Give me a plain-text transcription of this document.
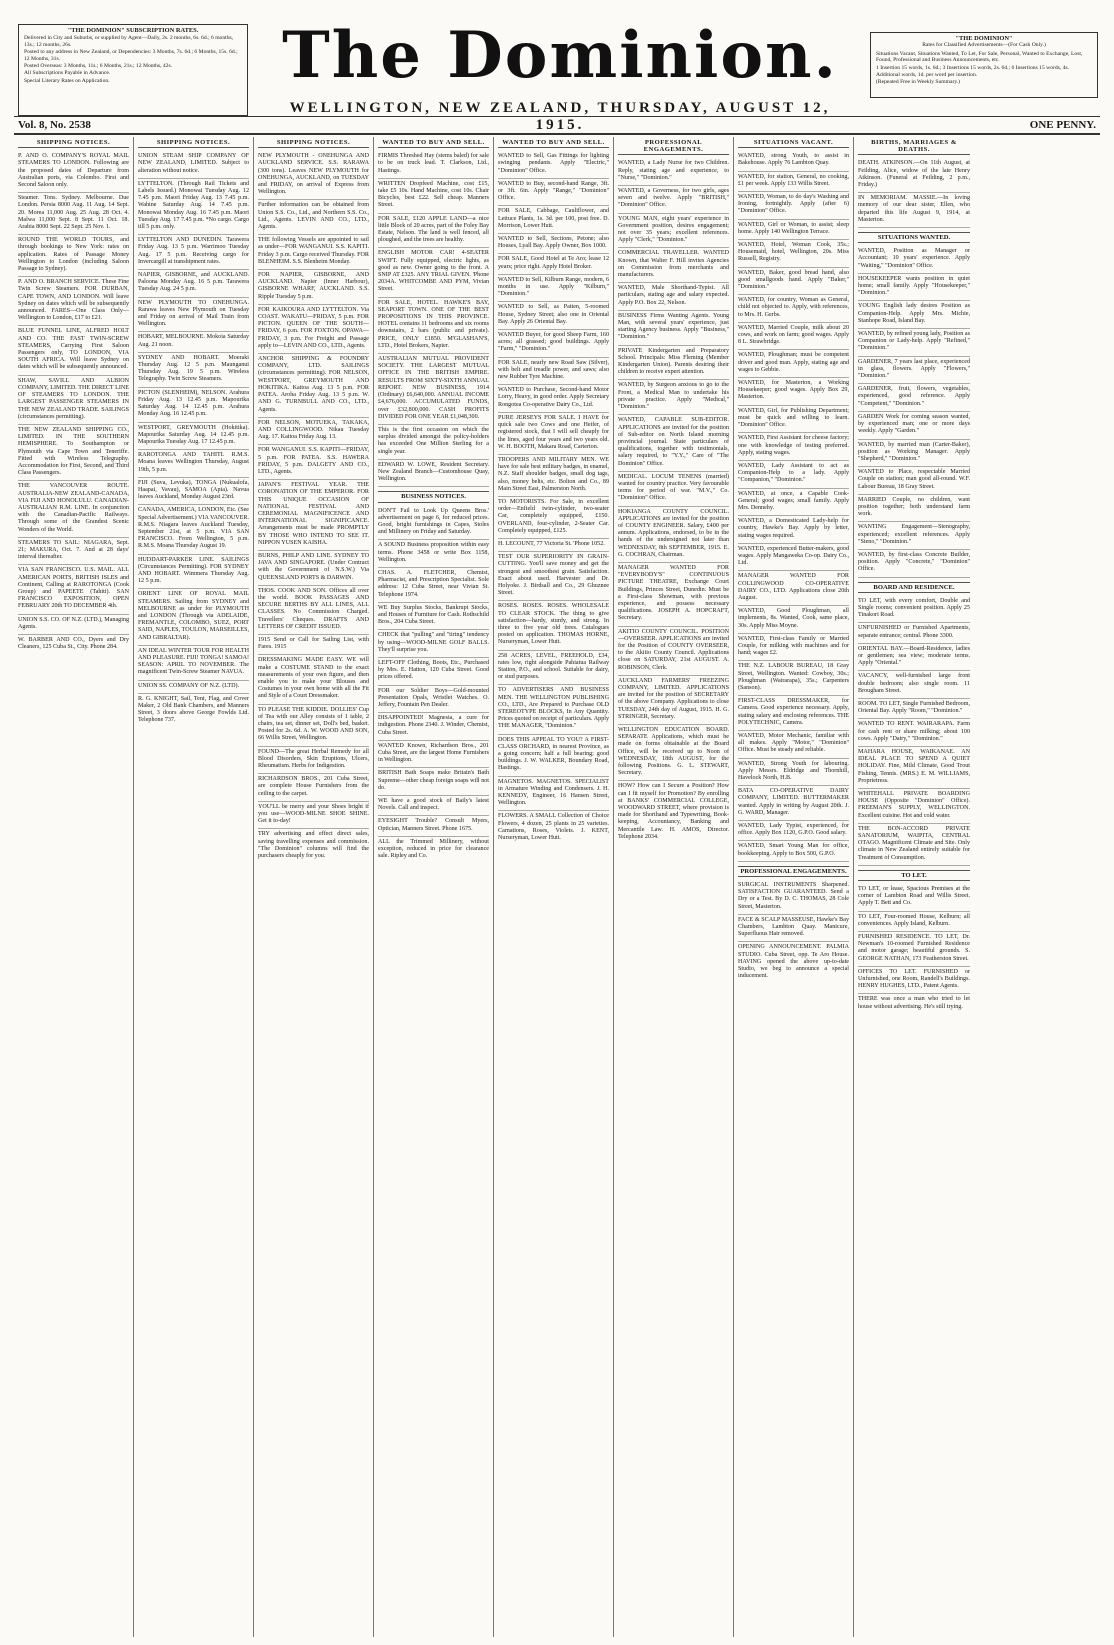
"THE DOMINION" SUBSCRIPTION RATES.

Delivered in City and Suburbs, or supplied by Agent—Daily, 2s. 2 months, 6s. 6d.; 6 months, 13s.; 12 months, 26s.

Posted to any address in New Zealand, or Dependencies: 3 Months, 7s. 6d.; 6 Months, 15s. 6d.; 12 Months, 31s.

Posted Overseas: 3 Months, 11s.; 6 Months, 21s.; 12 Months, 42s.

All Subscriptions Payable in Advance.

Special Literary Rates on Application.	The Dominion.
WELLINGTON, NEW ZEALAND, THURSDAY, AUGUST 12, 1915.
"THE DOMINION"
Rates for Classified Advertisements—(For Cash Only.)

Situations Vacant, Situations Wanted, To Let, For Sale, Personal, Wanted to Exchange, Lost, Found, Professional and Business Announcements, etc.

1 Insertion 15 words, 1s. 6d.; 3 Insertions 15 words, 2s. 6d.; 6 Insertions 15 words, 4s.

Additional words, 1d. per word per insertion.

(Repeated Free in Weekly Summary.)

Vol. 8, No. 2538	ONE PENNY.
SHIPPING NOTICES.
P. AND O. COMPANY'S ROYAL MAIL STEAMERS TO LONDON. Following are the proposed dates of Departure from Australian ports, via Colombo. First and Second Saloon only.
Steamer. Tons. Sydney. Melbourne. Due London. Persia 8000 Aug. 11 Aug. 14 Sept. 20. Morea 11,000 Aug. 25 Aug. 28 Oct. 4. Malwa 11,000 Sept. 8 Sept. 11 Oct. 18. Arabia 8000 Sept. 22 Sept. 25 Nov. 1.
ROUND THE WORLD TOURS, and through bookings to New York: rates on application. Rates of Passage Money Wellington to London (including Saloon Passage to Sydney).
P. AND O. BRANCH SERVICE. These Fine Twin Screw Steamers. FOR DURBAN, CAPE TOWN, AND LONDON. Will leave Sydney on dates which will be subsequently announced. FARES—One Class Only—Wellington to London, £17 to £21.
BLUE FUNNEL LINE, ALFRED HOLT AND CO. THE FAST TWIN-SCREW STEAMERS, Carrying First Saloon Passengers only, TO LONDON, VIA SOUTH AFRICA. Will leave Sydney on dates which will be subsequently announced.
SHAW, SAVILL AND ALBION COMPANY, LIMITED. THE DIRECT LINE OF STEAMERS TO LONDON. THE LARGEST PASSENGER STEAMERS IN THE NEW ZEALAND TRADE. SAILINGS (circumstances permitting).
THE NEW ZEALAND SHIPPING CO., LIMITED. IN THE SOUTHERN HEMISPHERE. To Southampton or Plymouth via Cape Town and Teneriffe. Fitted with Wireless Telegraphy. Accommodation for First, Second, and Third Class Passengers.
THE VANCOUVER ROUTE. AUSTRALIA-NEW ZEALAND-CANADA, VIA FIJI AND HONOLULU. CANADIAN-AUSTRALIAN R.M. LINE. In conjunction with the Canadian-Pacific Railways. Through some of the Grandest Scenic Wonders of the World.
STEAMERS TO SAIL: NIAGARA, Sept. 21; MAKURA, Oct. 7. And at 28 days' interval thereafter.
VIA SAN FRANCISCO. U.S. MAIL. ALL AMERICAN PORTS, BRITISH ISLES and Continent, Calling at RAROTONGA (Cook Group) and PAPEETE (Tahiti). SAN FRANCISCO EXPOSITION, OPEN FEBRUARY 20th TO DECEMBER 4th.
UNION S.S. CO. OF N.Z. (LTD.), Managing Agents.
W. BARBER AND CO., Dyers and Dry Cleaners, 125 Cuba St., City. Phone 284.
SHIPPING NOTICES.
UNION STEAM SHIP COMPANY OF NEW ZEALAND, LIMITED. Subject to alteration without notice.
LYTTELTON. (Through Rail Tickets and Labels Issued.) Monowai Tuesday Aug. 12 7.45 p.m. Maori Friday Aug. 13 7.45 p.m. Wahine Saturday Aug. 14 7.45 p.m. Monowai Monday Aug. 16 7.45 p.m. Maori Tuesday Aug. 17 7.45 p.m. *No cargo. Cargo till 5 p.m. only.
LYTTELTON AND DUNEDIN. Tarawera Friday Aug. 13 5 p.m. Warrimoo Tuesday Aug. 17 5 p.m. Receiving cargo for Invercargill at transhipment rates.
NAPIER, GISBORNE, and AUCKLAND. Paloona Monday Aug. 16 5 p.m. Tarawera Tuesday Aug. 24 5 p.m.
NEW PLYMOUTH TO ONEHUNGA. Rarawa leaves New Plymouth on Tuesday and Friday on arrival of Mail Train from Wellington.
HOBART, MELBOURNE. Mokoia Saturday Aug. 21 noon.
SYDNEY AND HOBART. Moeraki Thursday Aug. 12 5 p.m. Maunganui Thursday Aug. 19 5 p.m. Wireless Telegraphy. Twin Screw Steamers.
PICTON (SLENHEIM), NELSON. Arahura Friday Aug. 13 12.45 p.m. Mapourika Saturday Aug. 14 12.45 p.m. Arahura Monday Aug. 16 12.45 p.m.
WESTPORT, GREYMOUTH (Hokitika). Mapourika Saturday Aug. 14 12.45 p.m. Mapourika Tuesday Aug. 17 12.45 p.m.
RAROTONGA AND TAHITI. R.M.S. Moana leaves Wellington Thursday, August 19th, 5 p.m.
FIJI (Suva, Levuka), TONGA (Nukualofa, Haapai, Vavau), SAMOA (Apia). Navua leaves Auckland, Monday August 23rd.
CANADA, AMERICA, LONDON, Etc. (See Special Advertisement.) VIA VANCOUVER. R.M.S. Niagara leaves Auckland Tuesday, September 21st, at 5 p.m. VIA SAN FRANCISCO. From Wellington, 5 p.m. R.M.S. Moana Thursday August 19.
HUDDART-PARKER LINE. SAILINGS (Circumstances Permitting). FOR SYDNEY AND HOBART. Wimmera Thursday Aug. 12 5 p.m.
ORIENT LINE OF ROYAL MAIL STEAMERS. Sailing from SYDNEY and MELBOURNE as under for PLYMOUTH and LONDON (Through via ADELAIDE, FREMANTLE, COLOMBO, SUEZ, PORT SAID, NAPLES, TOULON, MARSEILLES, AND GIBRALTAR).
AN IDEAL WINTER TOUR FOR HEALTH AND PLEASURE. FIJI! TONGA! SAMOA! SEASON: APRIL TO NOVEMBER. The magnificent Twin-Screw Steamer NAVUA.
UNION SS. COMPANY OF N.Z. (LTD).
R. G. KNIGHT, Sail, Tent, Flag, and Cover Maker, 2 Old Bank Chambers, and Manners Street, 3 doors above George Fowlds Ltd. Telephone 737.
SHIPPING NOTICES.
NEW PLYMOUTH - ONEHUNGA AND AUCKLAND SERVICE. S.S. RARAWA (300 tons). Leaves NEW PLYMOUTH for ONEHUNGA, AUCKLAND, on TUESDAY and FRIDAY, on arrival of Express from Wellington.
Further information can be obtained from Union S.S. Co., Ltd., and Northern S.S. Co., Ltd., Agents. LEVIN AND CO., LTD., Agents.
THE following Vessels are appointed to sail as under—FOR WANGANUI. S.S. KAPITI. Friday 3 p.m. Cargo received Thursday. FOR BLENHEIM. S.S. Blenheim Monday.
FOR NAPIER, GISBORNE, AND AUCKLAND. Napier (Inner Harbour), GISBORNE WHARF, AUCKLAND. S.S. Ripple Tuesday 5 p.m.
FOR KAIKOURA AND LYTTELTON. Via COAST. WAKATU—FRIDAY, 5 p.m. FOR PICTON. QUEEN OF THE SOUTH—FRIDAY, 6 p.m. FOR FOXTON. OPAWA—FRIDAY, 3 p.m. For Freight and Passage apply to—LEVIN AND CO., LTD., Agents.
ANCHOR SHIPPING & FOUNDRY COMPANY, LTD. SAILINGS (circumstances permitting). FOR NELSON, WESTPORT, GREYMOUTH AND HOKITIKA. Kaitoa Aug. 13 5 p.m. FOR PATEA. Aroha Friday Aug. 13 5 p.m. W. AND G. TURNBULL AND CO., LTD., Agents.
FOR NELSON, MOTUEKA, TAKAKA, AND COLLINGWOOD. Nikau Tuesday Aug. 17. Kaitoa Friday Aug. 13.
FOR WANGANUI. S.S. KAPITI—FRIDAY, 5 p.m. FOR PATEA. S.S. HAWERA FRIDAY, 5 p.m. DALGETY AND CO., LTD., Agents.
JAPAN'S FESTIVAL YEAR. THE CORONATION OF THE EMPEROR. FOR THIS UNIQUE OCCASION OF NATIONAL FESTIVAL AND CEREMONIAL MAGNIFICENCE AND INTERNATIONAL SIGNIFICANCE. Arrangements must be made PROMPTLY BY THOSE WHO INTEND TO SEE IT. NIPPON YUSEN KAISHA.
BURNS, PHILP AND LINE. SYDNEY TO JAVA AND SINGAPORE. (Under Contract with the Government of N.S.W.) Via QUEENSLAND PORTS & DARWIN.
THOS. COOK AND SON. Offices all over the world. BOOK PASSAGES AND SECURE BERTHS BY ALL LINES, ALL CLASSES. No Commission Charged. Travellers' Cheques. DRAFTS AND LETTERS OF CREDIT ISSUED.
1915 Send or Call for Sailing List, with Fares. 1915
DRESSMAKING MADE EASY. WE will make a COSTUME STAND to the exact measurements of your own figure, and then enable you to make your Blouses and Costumes in your own home with all the Fit and Style of a Court Dressmaker.
TO PLEASE THE KIDDIE. DOLLIES' Cup of Tea with our Alley consists of 1 table, 2 chairs, tea set, dinner set, Doll's bed, basket. Posted for 2s. 6d. A. W. WOOD AND SON, 66 Willis Street, Wellington.
FOUND—The great Herbal Remedy for all Blood Disorders, Skin Eruptions, Ulcers, Rheumatism. Herbs for Indigestion.
RICHARDSON BROS., 201 Cuba Street, are complete House Furnishers from the ceiling to the carpet.
YOU'LL be merry and your Shoes bright if you use—WOOD-MILNE SHOE SHINE. Get it to-day!
TRY advertising and effect direct sales, saving travelling expenses and commission. "The Dominion" columns will find the purchasers cheaply for you.
WANTED TO BUY AND SELL.
FIRMIS Threshed Hay (stems baled) for sale to be on truck lead. T. Clarkson, Ltd., Hastings.
WRITTEN Dropfeed Machine, cost £15, take £5 10s. Hand Machine, cost 10s. Chair Bicycles, best £22. Sell cheap. Manners Street.
FOR SALE, £120 APPLE LAND—a nice little Block of 20 acres, part of the Foley Bay Estate, Nelson. The land is well fenced, all ploughed, and the trees are healthy.
ENGLISH MOTOR CAR! 4-SEATER SWIFT. Fully equipped, electric lights, as good as new. Owner going to the front. A SNIP AT £325. ANY TRIAL GIVEN. 'Phone 2034A. WHITCOMBE AND PYM, Vivian Street.
FOR SALE, HOTEL. HAWKE'S BAY, SEAPORT TOWN. ONE OF THE BEST PROPOSITIONS IN THIS PROVINCE. HOTEL contains 11 bedrooms and six rooms downstairs, 2 bars (public and private). PRICE, ONLY £1850. M'GLASHAN'S, LTD., Hotel Brokers, Napier.
AUSTRALIAN MUTUAL PROVIDENT SOCIETY. THE LARGEST MUTUAL OFFICE IN THE BRITISH EMPIRE. RESULTS FROM SIXTY-SIXTH ANNUAL REPORT. NEW BUSINESS, 1914 (Ordinary) £6,640,000. ANNUAL INCOME £4,676,000. ACCUMULATED FUNDS, over £32,800,000. CASH PROFITS DIVIDED FOR ONE YEAR £1,048,300.
This is the first occasion on which the surplus divided amongst the policy-holders has exceeded One Million Sterling for a single year.
EDWARD W. LOWE, Resident Secretary. New Zealand Branch—Customhouse Quay, Wellington.
BUSINESS NOTICES.
DON'T Fail to Look Up Queens Bros.' advertisement on page 6, for reduced prices. Good, bright furnishings in Capes, Stoles and Millinery on Friday and Saturday.
A SOUND Business proposition within easy terms. Phone 3458 or write Box 1158, Wellington.
CHAS. A. FLETCHER, Chemist, Pharmacist, and Prescription Specialist. Sole address: 12 Cuba Street, near Vivian St. Telephone 1974.
WE Buy Surplus Stocks, Bankrupt Stocks, and Houses of Furniture for Cash. Rothschild Bros., 204 Cuba Street.
CHECK that "pulling" and "tiring" tendency by using—WOOD-MILNE GOLF BALLS. They'll surprise you.
LEFT-OFF Clothing, Boots, Etc., Purchased by Mrs. E. Hatton, 120 Cuba Street. Good prices offered.
FOR our Soldier Boys—Gold-mounted Presentation Opals, Wristlet Watches. O. Jeffery, Fountain Pen Dealer.
DISAPPOINTED! Magnesia, a cure for indigestion. Phone 2340. J. Winder, Chemist, Cuba Street.
WANTED Known, Richardson Bros., 201 Cuba Street, are the largest Home Furnishers in Wellington.
BRITISH Bath Soaps make Britain's Bath Supreme—other cheap foreign soaps will not do.
WE have a good stock of Baily's latest Novels. Call and inspect.
EYESIGHT Trouble? Consult Myers, Optician, Manners Street. Phone 1675.
ALL the Trimmed Millinery, without exception, reduced in price for clearance sale. Ripley and Co.
WANTED TO BUY AND SELL.
WANTED to Sell, Gas Fittings for lighting swinging pendants. Apply "Electric," "Dominion" Office.
WANTED to Buy, second-hand Range, 3ft. or 3ft. 6in. Apply "Range," "Dominion" Office.
FOR SALE, Cabbage, Cauliflower, and Lettuce Plants, 1s. 3d. per 100, post free. D. Morrison, Lower Hutt.
WANTED to Sell, Sections, Petone; also Houses, Lyall Bay. Apply Owner, Box 1000.
FOR SALE, Good Hotel at Te Aro; lease 12 years; price right. Apply Hotel Broker.
WANTED to Sell, Kilburn Range, modern, 6 months in use. Apply "Kilburn," "Dominion."
WANTED to Sell, as Patten, 5-roomed House, Sydney Street; also one in Oriental Bay. Apply 26 Oriental Bay.
WANTED Buyer, for good Sheep Farm, 160 acres; all grassed; good buildings. Apply "Farm," "Dominion."
FOR SALE, nearly new Road Saw (Silver), with belt and treadle power, and saws; also new Rubber Tyre Machine.
WANTED to Purchase, Second-hand Motor Lorry, Heavy, in good order. Apply Secretary Rongotea Co-operative Dairy Co., Ltd.
PURE JERSEYS FOR SALE. I HAVE for quick sale two Cows and one Heifer, of registered stock, that I will sell cheaply for the lines, aged four years and two years old. W. H. BOOTH, Makara Road, Carterton.
TROOPERS AND MILITARY MEN. WE have for sale best military badges, in enamel, N.Z. Staff shoulder badges, small dog tags, also, money belts, etc. Bolton and Co., 89 Main Street East, Palmerston North.
TO MOTORISTS. For Sale, in excellent order—Enfield twin-cylinder, two-seater Car, completely equipped, £150. OVERLAND, four-cylinder, 2-Seater Car. Completely equipped, £125.
H. LECOUNT, 77 Victoria St. 'Phone 1052.
TEST OUR SUPERIORITY IN GRAIN-CUTTING. You'll save money and get the strongest and smoothest grain. Satisfaction. Exact about used. Harvester and Dr. Holyoke. J. Birdsall and Co., 29 Ghuznee Street.
ROSES. ROSES. ROSES. WHOLESALE TO CLEAR STOCK. The thing to give satisfaction—hardy, sturdy, and strong. In three to five year old trees. Catalogues posted on application. THOMAS HORNE, Nurseryman, Lower Hutt.
258 ACRES, LEVEL, FREEHOLD, £34, rates low, right alongside Pahiatua Railway Station, P.O., and school. Suitable for dairy, or stud purposes.
TO ADVERTISERS AND BUSINESS MEN. THE WELLINGTON PUBLISHING CO., LTD., Are Prepared to Purchase OLD STEREOTYPE BLOCKS, In Any Quantity. Prices quoted on receipt of particulars. Apply THE MANAGER, "Dominion."
DOES THIS APPEAL TO YOU? A FIRST-CLASS ORCHARD, in nearest Province, as a going concern; half a full bearing; good buildings. J. W. WALKER, Boundary Road, Hastings.
MAGNETOS. MAGNETOS. SPECIALIST in Armature Winding and Condensers. J. H. KENNEDY, Engineer, 16 Hansen Street, Wellington.
FLOWERS. A SMALL Collection of Choice Flowers, 4 dozen, 25 plants in 25 varieties. Carnations, Roses, Violets. J. KENT, Nurseryman, Lower Hutt.
PROFESSIONAL ENGAGEMENTS.
WANTED, a Lady Nurse for two Children. Reply, stating age and experience, to "Nurse," "Dominion."
WANTED, a Governess, for two girls, ages seven and twelve. Apply "BRITISH," "Dominion" Office.
YOUNG MAN, eight years' experience in Government position, desires engagement; not over 35 years; excellent references. Apply "Clerk," "Dominion."
COMMERCIAL TRAVELLER. WANTED Known, that Walter F. Hill invites Agencies on Commission from merchants and manufacturers.
WANTED, Male Shorthand-Typist. All particulars, stating age and salary expected. Apply P.O. Box 22, Nelson.
BUSINESS Firms Wanting Agents. Young Man, with several years' experience, just starting Agency business. Apply "Business," "Dominion."
PRIVATE Kindergarten and Preparatory School. Principals: Miss Fleming (Member Kindergarten Union). Parents desiring their children to receive expert attention.
WANTED, by Surgeon anxious to go to the Front, a Medical Man to undertake his private practice. Apply "Medical," "Dominion."
WANTED, CAPABLE SUB-EDITOR. APPLICATIONS are invited for the position of Sub-editor on North Island morning provincial journal. State particulars of qualifications, together with testimonials, salary required, to "Y.Y.," Care of "The Dominion" Office.
MEDICAL. LOCUM TENENS (married) wanted for country practice. Very favourable terms for period of war. "M.V.," Co. "Dominion" Office.
HOKIANGA COUNTY COUNCIL. APPLICATIONS are invited for the position of COUNTY ENGINEER. Salary, £400 per annum. Applications, endorsed, to be in the hands of the undersigned not later than WEDNESDAY, 8th SEPTEMBER, 1915. E. G. COCHRAN, Chairman.
MANAGER WANTED FOR "EVERYBODY'S" CONTINUOUS PICTURE THEATRE, Exchange Court Buildings, Princes Street, Dunedin. Must be a First-class Showman, with previous experience, and possess necessary qualifications. JOSEPH A. HOPCRAFT, Secretary.
AKITIO COUNTY COUNCIL. POSITION—OVERSEER. APPLICATIONS are invited for the Position of COUNTY OVERSEER, to the Akitio County Council. Applications close on SATURDAY, 21st AUGUST. A. ROBINSON, Clerk.
AUCKLAND FARMERS' FREEZING COMPANY, LIMITED. APPLICATIONS are invited for the position of SECRETARY of the above Company. Applications to close TUESDAY, 24th day of August, 1915. H. G. STRINGER, Secretary.
WELLINGTON EDUCATION BOARD. SEPARATE Applications, which must be made on forms obtainable at the Board Office, will be received up to Noon of WEDNESDAY, 18th AUGUST, for the following Positions. G. L. STEWART, Secretary.
HOW? How can I Secure a Position? How can I fit myself for Promotion? By enrolling at BANKS' COMMERCIAL COLLEGE, WOODWARD STREET, where provision is made for Shorthand and Typewriting, Book-keeping, Accountancy, Banking and Mercantile Law. H. AMOS, Director. Telephone 2034.
SITUATIONS VACANT.
WANTED, strong Youth, to assist in Bakehouse. Apply 76 Lambton Quay.
WANTED, for station, General, no cooking, £1 per week. Apply 133 Willis Street.
WANTED, Woman, to do day's Washing and Ironing, fortnightly. Apply (after 6) "Dominion" Office.
WANTED, Girl or Woman, to assist; sleep home. Apply 140 Wellington Terrace.
WANTED, Hotel, Woman Cook, 35s.; Housemaid, hotel, Wellington, 20s. Miss Russell, Registry.
WANTED, Baker, good bread hand, also good smallgoods hand. Apply "Baker," "Dominion."
WANTED, for country, Woman as General, child not objected to. Apply, with references, to Mrs. H. Gerbs.
WANTED, Married Couple, milk about 20 cows, and work on farm; good wages. Apply 8 L. Strawbridge.
WANTED, Ploughman; must be competent driver and good man. Apply, stating age and wages to Gebbie.
WANTED, for Masterton, a Working Housekeeper; good wages. Apply Box 29, Masterton.
WANTED, Girl, for Publishing Department; must be quick and willing to learn. "Dominion" Office.
WANTED, First Assistant for cheese factory; one with knowledge of testing preferred. Apply, stating wages.
WANTED, Lady Assistant to act as Companion-Help to a lady. Apply "Companion," "Dominion."
WANTED, at once, a Capable Cook-General; good wages; small family. Apply Mrs. Dennehy.
WANTED, a Domesticated Lady-help for country, Hawke's Bay. Apply by letter, stating wages required.
WANTED, experienced Butter-makers, good wages. Apply Mangaweka Co-op. Dairy Co., Ltd.
MANAGER WANTED FOR COLLINGWOOD CO-OPERATIVE DAIRY CO., LTD. Applications close 20th August.
WANTED, Good Ploughman, all implements, 8s. Wanted, Cook, same place, 30s. Apply Miss Moyne.
WANTED, First-class Family or Married Couple, for milking with machines and for hand; wages £2.
THE N.Z. LABOUR BUREAU, 18 Gray Street, Wellington. Wanted: Cowboy, 30s.; Ploughman (Wairarapa), 35s.; Carpenters (Sanson).
FIRST-CLASS DRESSMAKER, for Camera. Good experience necessary. Apply, stating salary and enclosing references. THE POLYTECHNIC, Camera.
WANTED, Motor Mechanic, familiar with all makes. Apply "Motor," "Dominion" Office. Must be steady and reliable.
WANTED, Strong Youth for labouring. Apply Messrs. Eldridge and Thornhill, Havelock North, H.B.
BATA CO-OPERATIVE DAIRY COMPANY, LIMITED. BUTTERMAKER wanted. Apply in writing by August 20th. J. G. WARD, Manager.
WANTED, Lady Typist, experienced, for office. Apply Box 1120, G.P.O. Good salary.
WANTED, Smart Young Man for office, bookkeeping. Apply to Box 500, G.P.O.
PROFESSIONAL ENGAGEMENTS.
SURGICAL INSTRUMENTS Sharpened. SATISFACTION GUARANTEED. Send a Dry or a Test. By D. C. THOMAS, 28 Cole Street, Masterton.
FACE & SCALP MASSEUSE, Hawke's Bay Chambers, Lambton Quay. Manicure, Superfluous Hair removed.
OPENING ANNOUNCEMENT. PALMIA STUDIO. Cuba Street, opp. Te Aro House. HAVING opened the above up-to-date Studio, we beg to announce a special inducement.
BIRTHS, MARRIAGES & DEATHS.
DEATH. ATKINSON.—On 11th August, at Feilding, Alice, widow of the late Henry Atkinson. (Funeral at Feilding, 2 p.m., Friday.)
IN MEMORIAM. MASSIE.—In loving memory of our dear sister, Ellen, who departed this life August 9, 1914, at Masterton.
SITUATIONS WANTED.
WANTED, Position as Manager or Accountant; 10 years' experience. Apply "Waiting," "Dominion" Office.
HOUSEKEEPER wants position in quiet home; small family. Apply "Housekeeper," "Dominion."
YOUNG English lady desires Position as Companion-Help. Apply Mrs. Michie, Stanhope Road, Island Bay.
WANTED, by refined young lady, Position as Companion or Lady-help. Apply "Refined," "Dominion."
GARDENER, 7 years last place, experienced in glass, flowers. Apply "Flowers," "Dominion."
GARDENER, fruit, flowers, vegetables, experienced, good reference. Apply "Competent," "Dominion."
GARDEN Work for coming season wanted, by experienced man; one or more days weekly. Apply "Garden."
WANTED, by married man (Carter-Baker), position as Working Manager. Apply "Shepherd," "Dominion."
WANTED to Place, respectable Married Couple on station; man good all-round. W.F. Labour Bureau, 18 Gray Street.
MARRIED Couple, no children, want position together; both understand farm work.
WANTING Engagement—Stenography, experienced; excellent references. Apply "Steno," "Dominion."
WANTED, by first-class Concrete Builder, position. Apply "Concrete," "Dominion" Office.
BOARD AND RESIDENCE.
TO LET, with every comfort, Double and Single rooms; convenient position. Apply 25 Tinakori Road.
UNFURNISHED or Furnished Apartments, separate entrance; central. Phone 3300.
ORIENTAL BAY.—Board-Residence, ladies or gentlemen; sea view; moderate terms. Apply "Oriental."
VACANCY, well-furnished large front double bedroom; also single room. 11 Brougham Street.
ROOM. TO LET, Single Furnished Bedroom, Oriental Bay. Apply "Room," "Dominion."
WANTED TO RENT. WAIRARAPA. Farm for cash rent or share milking; about 100 cows. Apply "Dairy," "Dominion."
MAHARA HOUSE, WAIKANAE. AN IDEAL PLACE TO SPEND A QUIET HOLIDAY. Fine, Mild Climate, Good Trout Fishing, Tennis. (MRS.) E. M. WILLIAMS, Proprietress.
WHITEHALL PRIVATE BOARDING HOUSE (Opposite "Dominion" Office). FREEMAN'S SUPPLY, WELLINGTON. Excellent cuisine. Hot and cold water.
THE BON-ACCORD PRIVATE SANATORIUM, WAIPITA, CENTRAL OTAGO. Magnificent Climate and Site. Only climate in New Zealand entirely suitable for Treatment of Consumption.
TO LET.
TO LET, or lease, Spacious Premises at the corner of Lambton Road and Willis Street. Apply T. Bett and Co.
TO LET, Four-roomed House, Kelburn; all conveniences. Apply Island, Kelburn.
FURNISHED RESIDENCE. TO LET, Dr. Newman's 10-roomed Furnished Residence and motor garage; beautiful grounds. S. GEORGE NATHAN, 173 Featherston Street.
OFFICES TO LET. FURNISHED or Unfurnished, one Room, Randell's Buildings. HENRY HUGHES, LTD., Patent Agents.
THERE was once a man who tried to let house without advertising. He's still trying.
